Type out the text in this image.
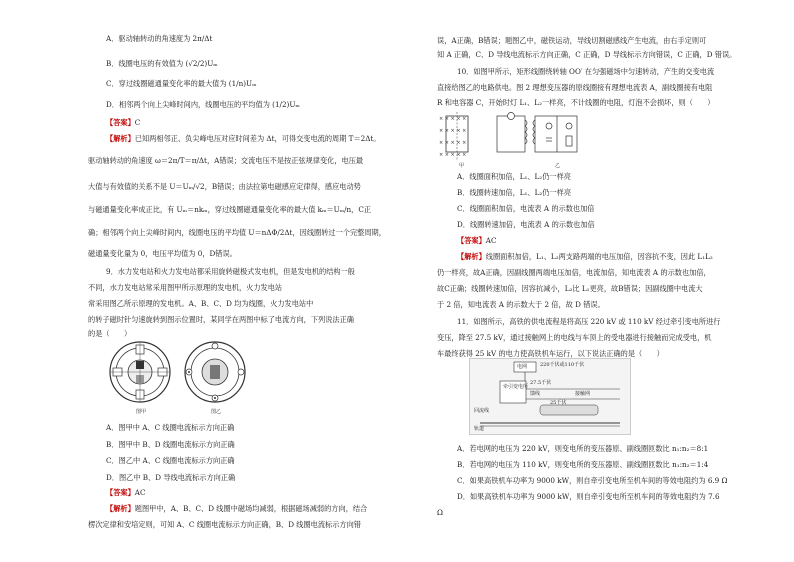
A．驱动轴转动的角速度为 2π/Δt
B．线圈电压的有效值为 (√2/2)Uₘ
C．穿过线圈磁通量变化率的最大值为 (1/n)Uₘ
D．相邻两个向上尖峰时间内，线圈电压的平均值为 (1/2)Uₘ
【答案】C
【解析】已知两相邻正、负尖峰电压对应时间差为 Δt，可得交变电流的周期 T＝2Δt。
驱动轴转动的角速度 ω＝2π/T＝π/Δt，A错误；交流电压不是按正弦规律变化，电压最
大值与有效值的关系不是 U＝Uₘ/√2，B错误；由法拉第电磁感应定律得，感应电动势
与磁通量变化率成正比，有 Uₘ＝nkₘ，穿过线圈磁通量变化率的最大值 kₘ＝Uₘ/n，C正
确；相邻两个向上尖峰时间内，线圈电压的平均值 U＝nΔΦ/2Δt，因线圈转过一个完整周期，
磁通量变化量为 0，电压平均值为 0，D错误。
9．水力发电站和火力发电站都采用旋转磁极式发电机，但是发电机的结构一般
不同，水力发电站常采用图甲所示原理的发电机，火力发电站
常采用图乙所示原理的发电机。A、B、C、D 均为线圈，火力发电站中
的转子磁时针匀速旋转到图示位置时，某同学在两图中标了电流方向，下列说法正确
的是（　　）
图甲	图乙
A．图甲中 A、C 线圈电流标示方向正确
B．图甲中 B、D 线圈电流标示方向正确
C．图乙中 A、C 线圈电流标示方向正确
D．图乙中 B、D 导线电流标示方向正确
【答案】AC
【解析】题图甲中，A、B、C、D 线圈中磁场均减弱，根据磁场减弱的方向，结合
楞次定律和安培定则，可知 A、C 线圈电流标示方向正确，B、D 线圈电流标示方向错
误，A正确，B错误；题图乙中，磁铁运动，导线切割磁感线产生电流，由右手定则可
知 A 正确，C、D 导线电流标示方向正确，C 正确，D 导线标示方向错误，C 正确，D 错误。
10．如图甲所示，矩形线圈绕转轴 OO′ 在匀强磁场中匀速转动，产生的交变电流
直接给图乙的电路供电。图 2 理想变压器的原线圈接有理想电流表 A，副线圈接有电阻
R 和电容器 C，开始时灯 L₁、L₂一样亮，不计线圈的电阻，灯泡不会损坏，则（　　）
× × × × ×
× × × × ×
× × × × ×
× × × × ×
甲	乙
A．线圈面积加倍，L₁、L₂仍一样亮
B．线圈转速加倍，L₁、L₂仍一样亮
C．线圈面积加倍，电流表 A 的示数也加倍
D．线圈转速加倍，电流表 A 的示数也加倍
【答案】AC
【解析】线圈面积加倍，L₁、L₂两支路两端的电压加倍，因容抗不变，因此 L₁L₂
仍一样亮，故A正确，因副线圈两端电压加倍，电流加倍，知电流表 A 的示数也加倍，
故C正确；线圈转速加倍，因容抗减小，L₂比 L₁更亮，故B错误；因副线圈中电流大
于 2 倍，知电流表 A 的示数大于 2 倍，故 D 错误。
11．如图所示，高铁的供电流程是将高压 220 kV 或 110 kV 经过牵引变电所进行
变压，降至 27.5 kV，通过接触网上的电线与车顶上的受电器进行接触而完成受电，机
车最终获得 25 kV 的电力使高铁机车运行，以下说法正确的是（　　）
电网	220千伏或110千伏
牵引变电所
27.5千伏
馈线	接触网
25千伏
回流线
轨道
A．若电网的电压为 220 kV，则变电所的变压器原、副线圈匝数比 n₁:n₂＝8:1
B．若电网的电压为 110 kV，则变电所的变压器原、副线圈匝数比 n₁:n₂＝1:4
C．如果高铁机车功率为 9000 kW，则自牵引变电所至机车间的等效电阻约为 6.9 Ω
D．如果高铁机车功率为 9000 kW，则自牵引变电所至机车间的等效电阻约为 7.6
Ω
